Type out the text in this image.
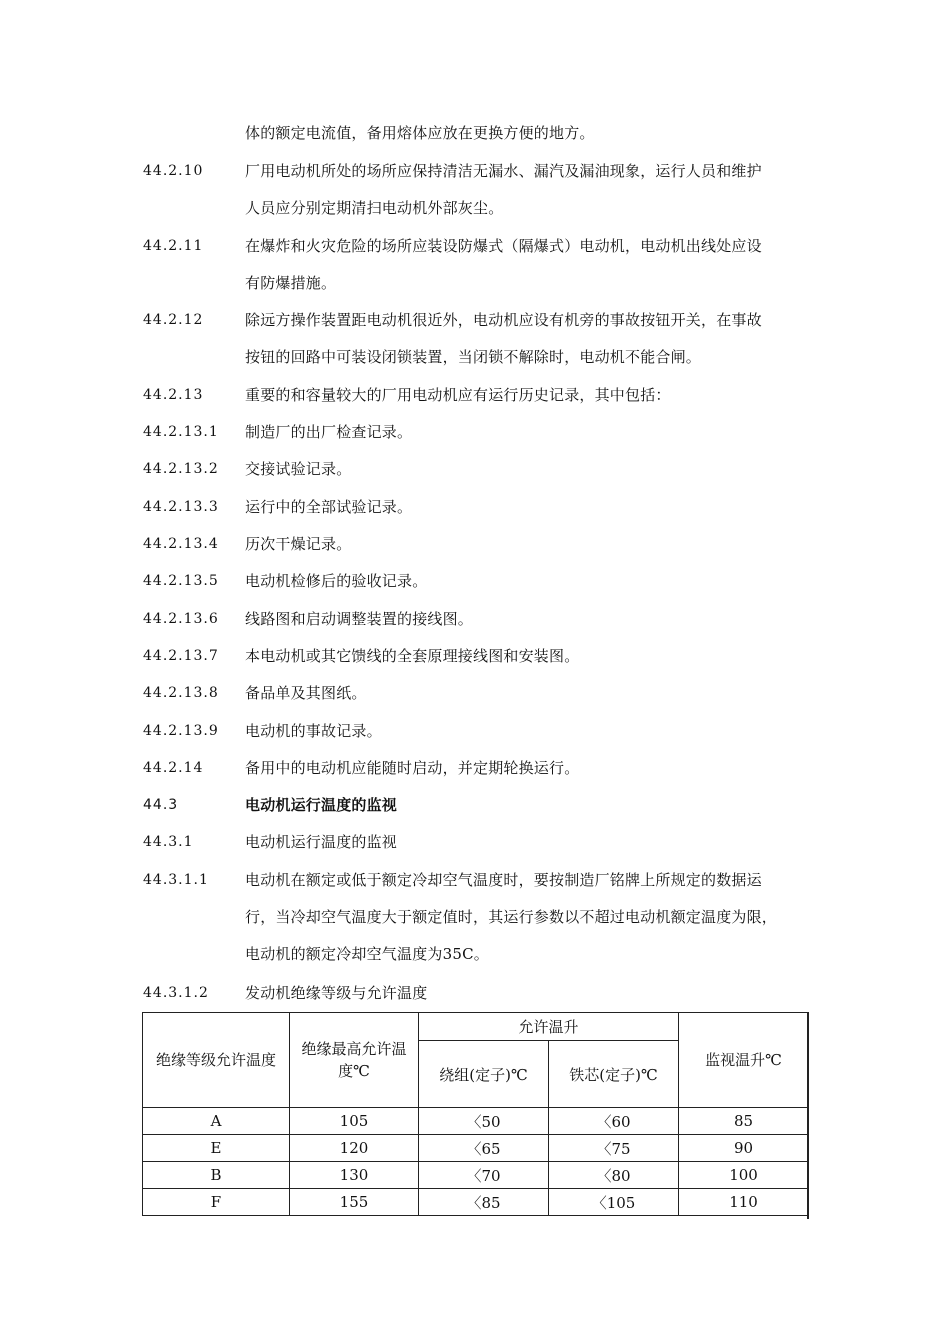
体的额定电流值，备用熔体应放在更换方便的地方。
44.2.10	厂用电动机所处的场所应保持清洁无漏水、漏汽及漏油现象，运行人员和维护
人员应分别定期清扫电动机外部灰尘。
44.2.11	在爆炸和火灾危险的场所应装设防爆式（隔爆式）电动机，电动机出线处应设
有防爆措施。
44.2.12	除远方操作装置距电动机很近外，电动机应设有机旁的事故按钮开关，在事故
按钮的回路中可装设闭锁装置，当闭锁不解除时，电动机不能合闸。
44.2.13	重要的和容量较大的厂用电动机应有运行历史记录，其中包括：
44.2.13.1	制造厂的出厂检查记录。
44.2.13.2	交接试验记录。
44.2.13.3	运行中的全部试验记录。
44.2.13.4	历次干燥记录。
44.2.13.5	电动机检修后的验收记录。
44.2.13.6	线路图和启动调整装置的接线图。
44.2.13.7	本电动机或其它馈线的全套原理接线图和安装图。
44.2.13.8	备品单及其图纸。
44.2.13.9	电动机的事故记录。
44.2.14	备用中的电动机应能随时启动，并定期轮换运行。
44.3	电动机运行温度的监视
44.3.1	电动机运行温度的监视
44.3.1.1	电动机在额定或低于额定冷却空气温度时，要按制造厂铭牌上所规定的数据运
行，当冷却空气温度大于额定值时，其运行参数以不超过电动机额定温度为限，
电动机的额定冷却空气温度为35C。
44.3.1.2	发动机绝缘等级与允许温度
绝缘等级允许温度	绝缘最高允许温度℃	允许温升		监视温升℃
		绕组(定子)℃	铁芯(定子)℃	
A	105	〈50	〈60	85
E	120	〈65	〈75	90
B	130	〈70	〈80	100
F	155	〈85	〈105	110
